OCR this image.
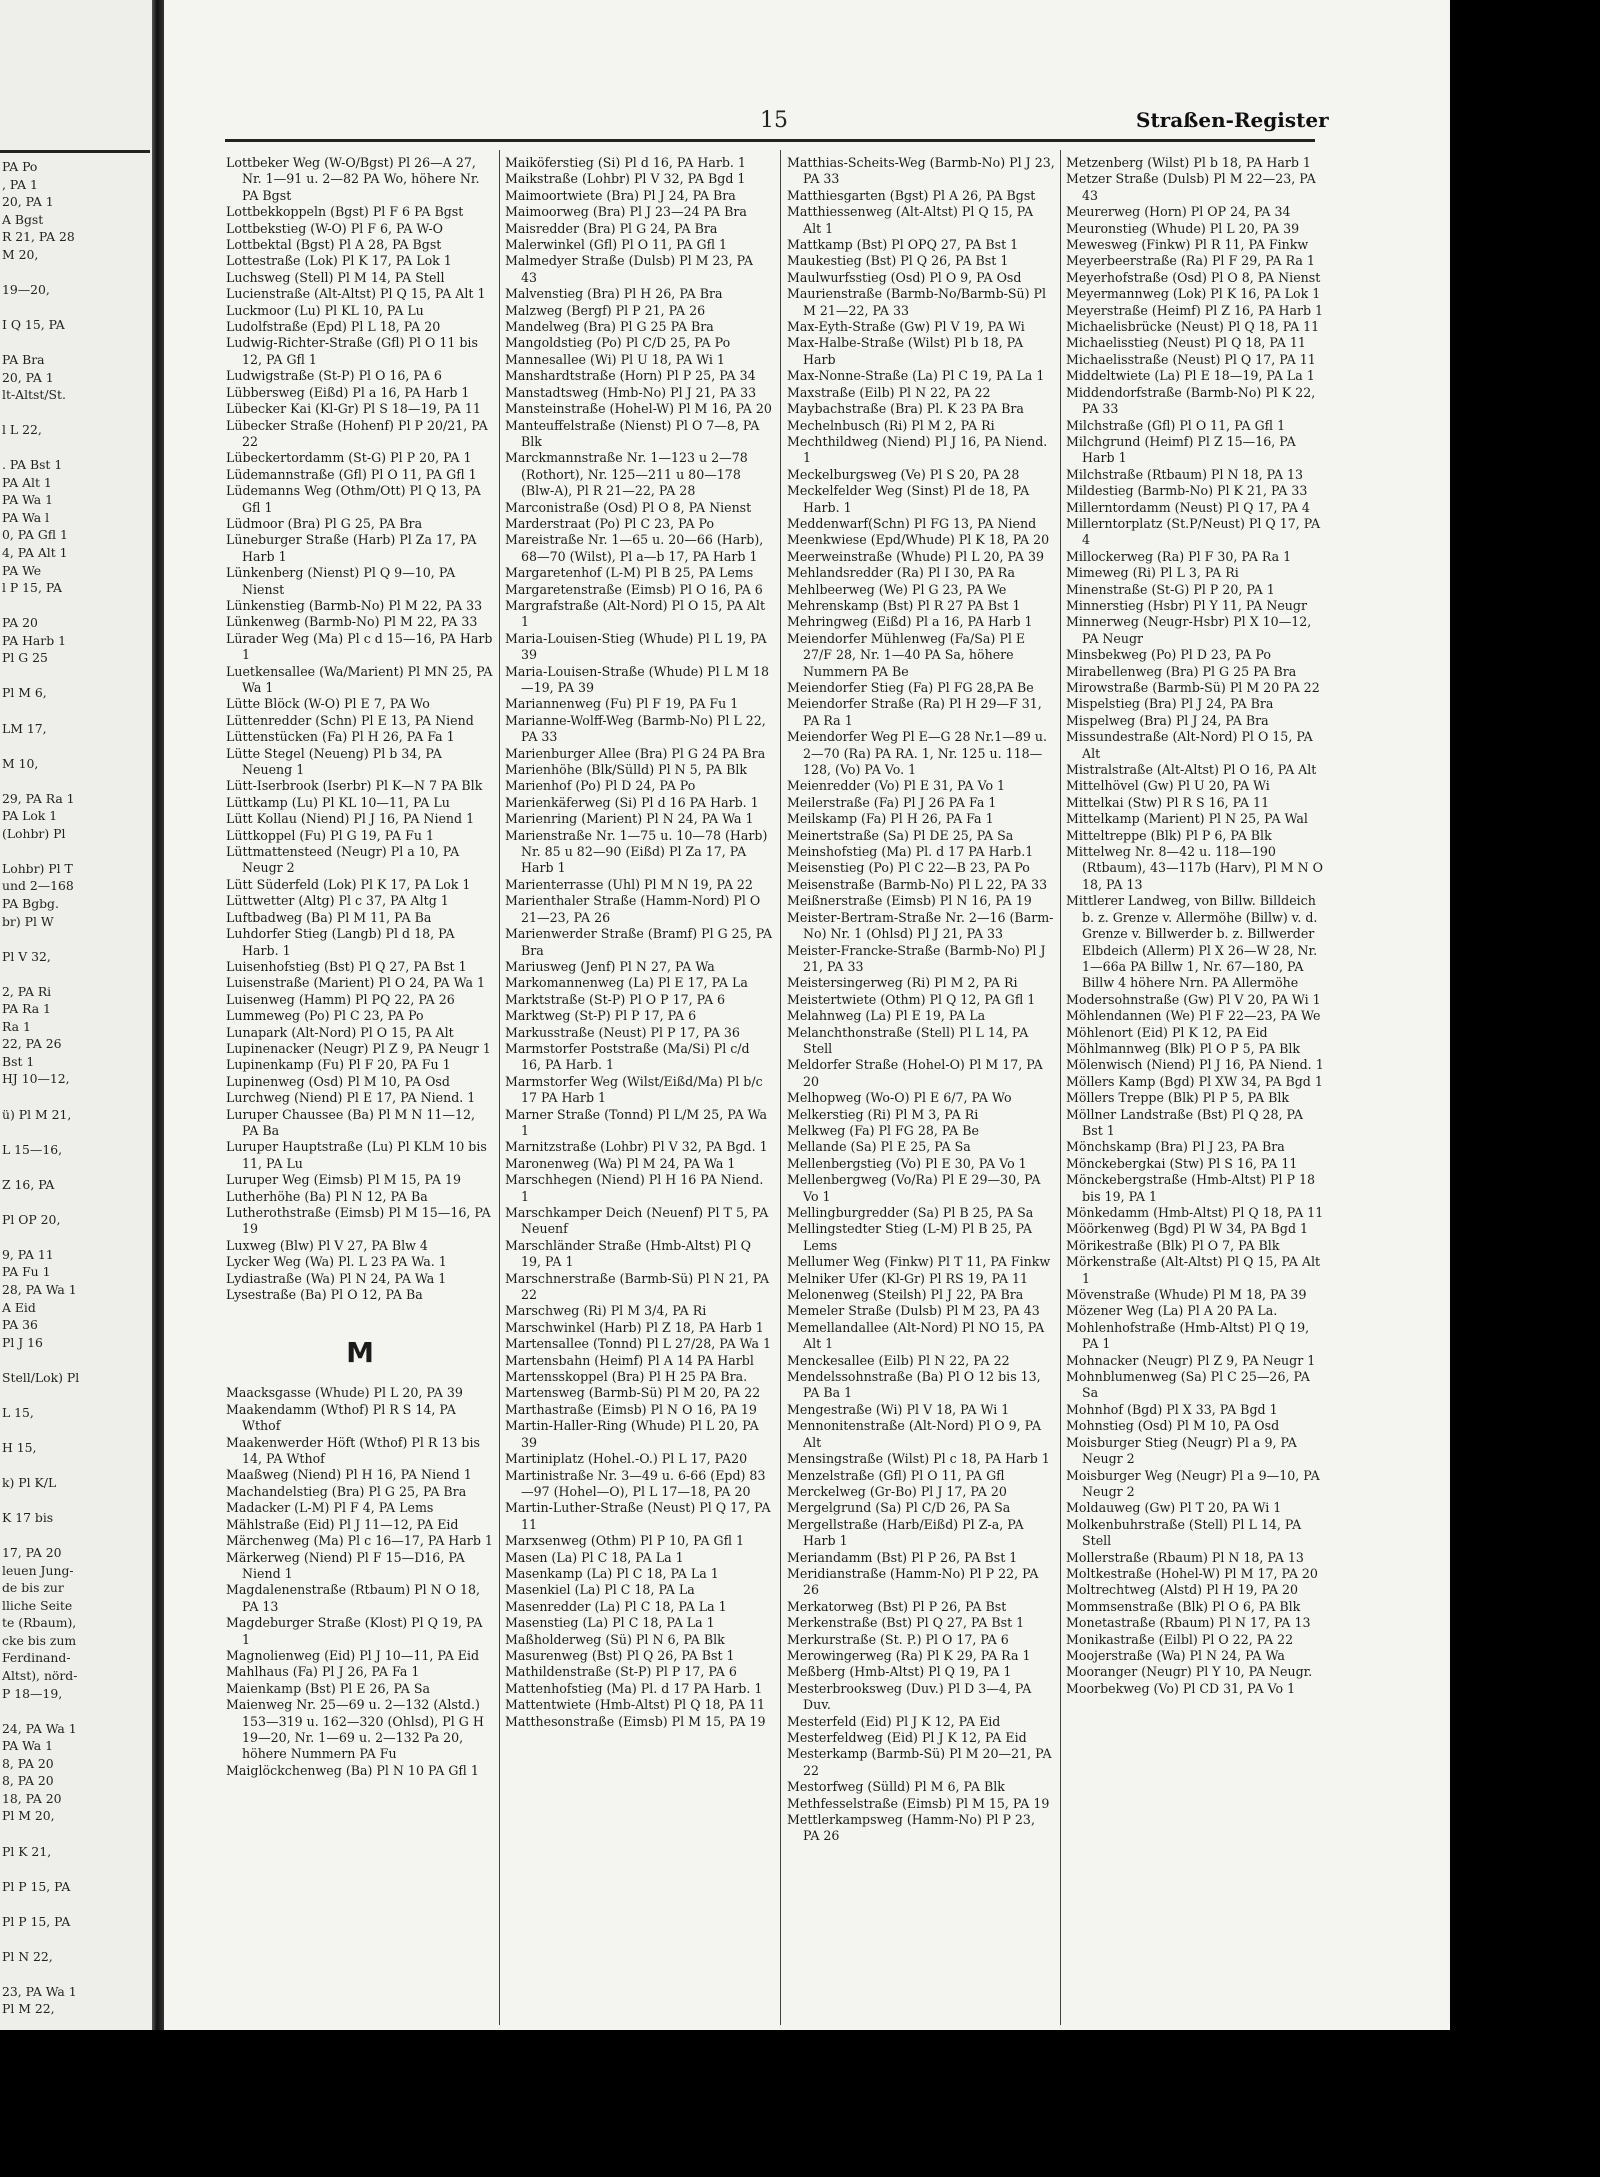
PA Po
, PA 1
20, PA 1
A Bgst
R 21, PA 28
M 20,

19—20,

I Q 15, PA

PA Bra
20, PA 1
lt-Altst/St.

l L 22,

. PA Bst 1
PA Alt 1
PA Wa 1
PA Wa l
0, PA Gfl 1
4, PA Alt 1
PA We
l P 15, PA

PA 20
PA Harb 1
Pl G 25

Pl M 6,

LM 17,

M 10,

29, PA Ra 1
PA Lok 1
(Lohbr) Pl

Lohbr) Pl T
und 2—168
PA Bgbg.
br) Pl W

Pl V 32,

2, PA Ri
PA Ra 1
Ra 1
22, PA 26
Bst 1
HJ 10—12,

ü) Pl M 21,

L 15—16,

Z 16, PA

Pl OP 20,

9, PA 11
PA Fu 1
28, PA Wa 1
A Eid
PA 36
Pl J 16

Stell/Lok) Pl

L 15,

H 15,

k) Pl K/L

K 17 bis

17, PA 20
leuen Jung-
de bis zur
lliche Seite
te (Rbaum),
cke bis zum
Ferdinand-
Altst), nörd-
P 18—19,

24, PA Wa 1
PA Wa 1
8, PA 20
8, PA 20
18, PA 20
Pl M 20,

Pl K 21,

Pl P 15, PA

Pl P 15, PA

Pl N 22,

23, PA Wa 1
Pl M 22,

15	Straßen-Register

Lottbeker Weg (W-O/Bgst) Pl 26—A 27, Nr. 1—91 u. 2—82 PA Wo, höhere Nr. PA Bgst

Lottbekkoppeln (Bgst) Pl F 6 PA Bgst

Lottbekstieg (W-O) Pl F 6, PA W-O

Lottbektal (Bgst) Pl A 28, PA Bgst

Lottestraße (Lok) Pl K 17, PA Lok 1

Luchsweg (Stell) Pl M 14, PA Stell

Lucienstraße (Alt-Altst) Pl Q 15, PA Alt 1

Luckmoor (Lu) Pl KL 10, PA Lu

Ludolfstraße (Epd) Pl L 18, PA 20

Ludwig-Richter-Straße (Gfl) Pl O 11 bis 12, PA Gfl 1

Ludwigstraße (St-P) Pl O 16, PA 6

Lübbersweg (Eißd) Pl a 16, PA Harb 1

Lübecker Kai (Kl-Gr) Pl S 18—19, PA 11

Lübecker Straße (Hohenf) Pl P 20/21, PA 22

Lübeckertordamm (St-G) Pl P 20, PA 1

Lüdemannstraße (Gfl) Pl O 11, PA Gfl 1

Lüdemanns Weg (Othm/Ott) Pl Q 13, PA Gfl 1

Lüdmoor (Bra) Pl G 25, PA Bra

Lüneburger Straße (Harb) Pl Za 17, PA Harb 1

Lünkenberg (Nienst) Pl Q 9—10, PA Nienst

Lünkenstieg (Barmb-No) Pl M 22, PA 33

Lünkenweg (Barmb-No) Pl M 22, PA 33

Lürader Weg (Ma) Pl c d 15—16, PA Harb 1

Luetkensallee (Wa/Marient) Pl MN 25, PA Wa 1

Lütte Blöck (W-O) Pl E 7, PA Wo

Lüttenredder (Schn) Pl E 13, PA Niend

Lüttenstücken (Fa) Pl H 26, PA Fa 1

Lütte Stegel (Neueng) Pl b 34, PA Neueng 1

Lütt-Iserbrook (Iserbr) Pl K—N 7 PA Blk

Lüttkamp (Lu) Pl KL 10—11, PA Lu

Lütt Kollau (Niend) Pl J 16, PA Niend 1

Lüttkoppel (Fu) Pl G 19, PA Fu 1

Lüttmattensteed (Neugr) Pl a 10, PA Neugr 2

Lütt Süderfeld (Lok) Pl K 17, PA Lok 1

Lüttwetter (Altg) Pl c 37, PA Altg 1

Luftbadweg (Ba) Pl M 11, PA Ba

Luhdorfer Stieg (Langb) Pl d 18, PA Harb. 1

Luisenhofstieg (Bst) Pl Q 27, PA Bst 1

Luisenstraße (Marient) Pl O 24, PA Wa 1

Luisenweg (Hamm) Pl PQ 22, PA 26

Lummeweg (Po) Pl C 23, PA Po

Lunapark (Alt-Nord) Pl O 15, PA Alt

Lupinenacker (Neugr) Pl Z 9, PA Neugr 1

Lupinenkamp (Fu) Pl F 20, PA Fu 1

Lupinenweg (Osd) Pl M 10, PA Osd

Lurchweg (Niend) Pl E 17, PA Niend. 1

Luruper Chaussee (Ba) Pl M N 11—12, PA Ba

Luruper Hauptstraße (Lu) Pl KLM 10 bis 11, PA Lu

Luruper Weg (Eimsb) Pl M 15, PA 19

Lutherhöhe (Ba) Pl N 12, PA Ba

Lutherothstraße (Eimsb) Pl M 15—16, PA 19

Luxweg (Blw) Pl V 27, PA Blw 4

Lycker Weg (Wa) Pl. L 23 PA Wa. 1

Lydiastraße (Wa) Pl N 24, PA Wa 1

Lysestraße (Ba) Pl O 12, PA Ba

M

Maacksgasse (Whude) Pl L 20, PA 39

Maakendamm (Wthof) Pl R S 14, PA Wthof

Maakenwerder Höft (Wthof) Pl R 13 bis 14, PA Wthof

Maaßweg (Niend) Pl H 16, PA Niend 1

Machandelstieg (Bra) Pl G 25, PA Bra

Madacker (L-M) Pl F 4, PA Lems

Mählstraße (Eid) Pl J 11—12, PA Eid

Märchenweg (Ma) Pl c 16—17, PA Harb 1

Märkerweg (Niend) Pl F 15—D16, PA Niend 1

Magdalenenstraße (Rtbaum) Pl N O 18, PA 13

Magdeburger Straße (Klost) Pl Q 19, PA 1

Magnolienweg (Eid) Pl J 10—11, PA Eid

Mahlhaus (Fa) Pl J 26, PA Fa 1

Maienkamp (Bst) Pl E 26, PA Sa

Maienweg Nr. 25—69 u. 2—132 (Alstd.) 153—319 u. 162—320 (Ohlsd), Pl G H 19—20, Nr. 1—69 u. 2—132 Pa 20, höhere Nummern PA Fu

Maiglöckchenweg (Ba) Pl N 10 PA Gfl 1

Maiköferstieg (Si) Pl d 16, PA Harb. 1

Maikstraße (Lohbr) Pl V 32, PA Bgd 1

Maimoortwiete (Bra) Pl J 24, PA Bra

Maimoorweg (Bra) Pl J 23—24 PA Bra

Maisredder (Bra) Pl G 24, PA Bra

Malerwinkel (Gfl) Pl O 11, PA Gfl 1

Malmedyer Straße (Dulsb) Pl M 23, PA 43

Malvenstieg (Bra) Pl H 26, PA Bra

Malzweg (Bergf) Pl P 21, PA 26

Mandelweg (Bra) Pl G 25 PA Bra

Mangoldstieg (Po) Pl C/D 25, PA Po

Mannesallee (Wi) Pl U 18, PA Wi 1

Manshardtstraße (Horn) Pl P 25, PA 34

Manstadtsweg (Hmb-No) Pl J 21, PA 33

Mansteinstraße (Hohel-W) Pl M 16, PA 20

Manteuffelstraße (Nienst) Pl O 7—8, PA Blk

Marckmannstraße Nr. 1—123 u 2—78 (Rothort), Nr. 125—211 u 80—178 (Blw-A), Pl R 21—22, PA 28

Marconistraße (Osd) Pl O 8, PA Nienst

Marderstraat (Po) Pl C 23, PA Po

Mareistraße Nr. 1—65 u. 20—66 (Harb), 68—70 (Wilst), Pl a—b 17, PA Harb 1

Margaretenhof (L-M) Pl B 25, PA Lems

Margaretenstraße (Eimsb) Pl O 16, PA 6

Margrafstraße (Alt-Nord) Pl O 15, PA Alt 1

Maria-Louisen-Stieg (Whude) Pl L 19, PA 39

Maria-Louisen-Straße (Whude) Pl L M 18—19, PA 39

Mariannenweg (Fu) Pl F 19, PA Fu 1

Marianne-Wolff-Weg (Barmb-No) Pl L 22, PA 33

Marienburger Allee (Bra) Pl G 24 PA Bra

Marienhöhe (Blk/Sülld) Pl N 5, PA Blk

Marienhof (Po) Pl D 24, PA Po

Marienkäferweg (Si) Pl d 16 PA Harb. 1

Marienring (Marient) Pl N 24, PA Wa 1

Marienstraße Nr. 1—75 u. 10—78 (Harb) Nr. 85 u 82—90 (Eißd) Pl Za 17, PA Harb 1

Marienterrasse (Uhl) Pl M N 19, PA 22

Marienthaler Straße (Hamm-Nord) Pl O 21—23, PA 26

Marienwerder Straße (Bramf) Pl G 25, PA Bra

Mariusweg (Jenf) Pl N 27, PA Wa

Markomannenweg (La) Pl E 17, PA La

Marktstraße (St-P) Pl O P 17, PA 6

Marktweg (St-P) Pl P 17, PA 6

Markusstraße (Neust) Pl P 17, PA 36

Marmstorfer Poststraße (Ma/Si) Pl c/d 16, PA Harb. 1

Marmstorfer Weg (Wilst/Eißd/Ma) Pl b/c 17 PA Harb 1

Marner Straße (Tonnd) Pl L/M 25, PA Wa 1

Marnitzstraße (Lohbr) Pl V 32, PA Bgd. 1

Maronenweg (Wa) Pl M 24, PA Wa 1

Marschhegen (Niend) Pl H 16 PA Niend. 1

Marschkamper Deich (Neuenf) Pl T 5, PA Neuenf

Marschländer Straße (Hmb-Altst) Pl Q 19, PA 1

Marschnerstraße (Barmb-Sü) Pl N 21, PA 22

Marschweg (Ri) Pl M 3/4, PA Ri

Marschwinkel (Harb) Pl Z 18, PA Harb 1

Martensallee (Tonnd) Pl L 27/28, PA Wa 1

Martensbahn (Heimf) Pl A 14 PA Harbl

Martensskoppel (Bra) Pl H 25 PA Bra.

Martensweg (Barmb-Sü) Pl M 20, PA 22

Marthastraße (Eimsb) Pl N O 16, PA 19

Martin-Haller-Ring (Whude) Pl L 20, PA 39

Martiniplatz (Hohel.-O.) Pl L 17, PA20

Martinistraße Nr. 3—49 u. 6-66 (Epd) 83—97 (Hohel—O), Pl L 17—18, PA 20

Martin-Luther-Straße (Neust) Pl Q 17, PA 11

Marxsenweg (Othm) Pl P 10, PA Gfl 1

Masen (La) Pl C 18, PA La 1

Masenkamp (La) Pl C 18, PA La 1

Masenkiel (La) Pl C 18, PA La

Masenredder (La) Pl C 18, PA La 1

Masenstieg (La) Pl C 18, PA La 1

Maßholderweg (Sü) Pl N 6, PA Blk

Masurenweg (Bst) Pl Q 26, PA Bst 1

Mathildenstraße (St-P) Pl P 17, PA 6

Mattenhofstieg (Ma) Pl. d 17 PA Harb. 1

Mattentwiete (Hmb-Altst) Pl Q 18, PA 11

Matthesonstraße (Eimsb) Pl M 15, PA 19

Matthias-Scheits-Weg (Barmb-No) Pl J 23, PA 33

Matthiesgarten (Bgst) Pl A 26, PA Bgst

Matthiessenweg (Alt-Altst) Pl Q 15, PA Alt 1

Mattkamp (Bst) Pl OPQ 27, PA Bst 1

Maukestieg (Bst) Pl Q 26, PA Bst 1

Maulwurfsstieg (Osd) Pl O 9, PA Osd

Maurienstraße (Barmb-No/Barmb-Sü) Pl M 21—22, PA 33

Max-Eyth-Straße (Gw) Pl V 19, PA Wi

Max-Halbe-Straße (Wilst) Pl b 18, PA Harb

Max-Nonne-Straße (La) Pl C 19, PA La 1

Maxstraße (Eilb) Pl N 22, PA 22

Maybachstraße (Bra) Pl. K 23 PA Bra

Mechelnbusch (Ri) Pl M 2, PA Ri

Mechthildweg (Niend) Pl J 16, PA Niend. 1

Meckelburgsweg (Ve) Pl S 20, PA 28

Meckelfelder Weg (Sinst) Pl de 18, PA Harb. 1

Meddenwarf(Schn) Pl FG 13, PA Niend

Meenkwiese (Epd/Whude) Pl K 18, PA 20

Meerweinstraße (Whude) Pl L 20, PA 39

Mehlandsredder (Ra) Pl I 30, PA Ra

Mehlbeerweg (We) Pl G 23, PA We

Mehrenskamp (Bst) Pl R 27 PA Bst 1

Mehringweg (Eißd) Pl a 16, PA Harb 1

Meiendorfer Mühlenweg (Fa/Sa) Pl E 27/F 28, Nr. 1—40 PA Sa, höhere Nummern PA Be

Meiendorfer Stieg (Fa) Pl FG 28,PA Be

Meiendorfer Straße (Ra) Pl H 29—F 31, PA Ra 1

Meiendorfer Weg Pl E—G 28 Nr.1—89 u. 2—70 (Ra) PA RA. 1, Nr. 125 u. 118—128, (Vo) PA Vo. 1

Meienredder (Vo) Pl E 31, PA Vo 1

Meilerstraße (Fa) Pl J 26 PA Fa 1

Meilskamp (Fa) Pl H 26, PA Fa 1

Meinertstraße (Sa) Pl DE 25, PA Sa

Meinshofstieg (Ma) Pl. d 17 PA Harb.1

Meisenstieg (Po) Pl C 22—B 23, PA Po

Meisenstraße (Barmb-No) Pl L 22, PA 33

Meißnerstraße (Eimsb) Pl N 16, PA 19

Meister-Bertram-Straße Nr. 2—16 (Barm-No) Nr. 1 (Ohlsd) Pl J 21, PA 33

Meister-Francke-Straße (Barmb-No) Pl J 21, PA 33

Meistersingerweg (Ri) Pl M 2, PA Ri

Meistertwiete (Othm) Pl Q 12, PA Gfl 1

Melahnweg (La) Pl E 19, PA La

Melanchthonstraße (Stell) Pl L 14, PA Stell

Meldorfer Straße (Hohel-O) Pl M 17, PA 20

Melhopweg (Wo-O) Pl E 6/7, PA Wo

Melkerstieg (Ri) Pl M 3, PA Ri

Melkweg (Fa) Pl FG 28, PA Be

Mellande (Sa) Pl E 25, PA Sa

Mellenbergstieg (Vo) Pl E 30, PA Vo 1

Mellenbergweg (Vo/Ra) Pl E 29—30, PA Vo 1

Mellingburgredder (Sa) Pl B 25, PA Sa

Mellingstedter Stieg (L-M) Pl B 25, PA Lems

Mellumer Weg (Finkw) Pl T 11, PA Finkw

Melniker Ufer (Kl-Gr) Pl RS 19, PA 11

Melonenweg (Steilsh) Pl J 22, PA Bra

Memeler Straße (Dulsb) Pl M 23, PA 43

Memellandallee (Alt-Nord) Pl NO 15, PA Alt 1

Menckesallee (Eilb) Pl N 22, PA 22

Mendelssohnstraße (Ba) Pl O 12 bis 13, PA Ba 1

Mengestraße (Wi) Pl V 18, PA Wi 1

Mennonitenstraße (Alt-Nord) Pl O 9, PA Alt

Mensingstraße (Wilst) Pl c 18, PA Harb 1

Menzelstraße (Gfl) Pl O 11, PA Gfl

Merckelweg (Gr-Bo) Pl J 17, PA 20

Mergelgrund (Sa) Pl C/D 26, PA Sa

Mergellstraße (Harb/Eißd) Pl Z-a, PA Harb 1

Meriandamm (Bst) Pl P 26, PA Bst 1

Meridianstraße (Hamm-No) Pl P 22, PA 26

Merkatorweg (Bst) Pl P 26, PA Bst

Merkenstraße (Bst) Pl Q 27, PA Bst 1

Merkurstraße (St. P.) Pl O 17, PA 6

Merowingerweg (Ra) Pl K 29, PA Ra 1

Meßberg (Hmb-Altst) Pl Q 19, PA 1

Mesterbrooksweg (Duv.) Pl D 3—4, PA Duv.

Mesterfeld (Eid) Pl J K 12, PA Eid

Mesterfeldweg (Eid) Pl J K 12, PA Eid

Mesterkamp (Barmb-Sü) Pl M 20—21, PA 22

Mestorfweg (Sülld) Pl M 6, PA Blk

Methfesselstraße (Eimsb) Pl M 15, PA 19

Mettlerkampsweg (Hamm-No) Pl P 23, PA 26

Metzenberg (Wilst) Pl b 18, PA Harb 1

Metzer Straße (Dulsb) Pl M 22—23, PA 43

Meurerweg (Horn) Pl OP 24, PA 34

Meuronstieg (Whude) Pl L 20, PA 39

Mewesweg (Finkw) Pl R 11, PA Finkw

Meyerbeerstraße (Ra) Pl F 29, PA Ra 1

Meyerhofstraße (Osd) Pl O 8, PA Nienst

Meyermannweg (Lok) Pl K 16, PA Lok 1

Meyerstraße (Heimf) Pl Z 16, PA Harb 1

Michaelisbrücke (Neust) Pl Q 18, PA 11

Michaelisstieg (Neust) Pl Q 18, PA 11

Michaelisstraße (Neust) Pl Q 17, PA 11

Middeltwiete (La) Pl E 18—19, PA La 1

Middendorfstraße (Barmb-No) Pl K 22, PA 33

Milchstraße (Gfl) Pl O 11, PA Gfl 1

Milchgrund (Heimf) Pl Z 15—16, PA Harb 1

Milchstraße (Rtbaum) Pl N 18, PA 13

Mildestieg (Barmb-No) Pl K 21, PA 33

Millerntordamm (Neust) Pl Q 17, PA 4

Millerntorplatz (St.P/Neust) Pl Q 17, PA 4

Millockerweg (Ra) Pl F 30, PA Ra 1

Mimeweg (Ri) Pl L 3, PA Ri

Minenstraße (St-G) Pl P 20, PA 1

Minnerstieg (Hsbr) Pl Y 11, PA Neugr

Minnerweg (Neugr-Hsbr) Pl X 10—12, PA Neugr

Minsbekweg (Po) Pl D 23, PA Po

Mirabellenweg (Bra) Pl G 25 PA Bra

Mirowstraße (Barmb-Sü) Pl M 20 PA 22

Mispelstieg (Bra) Pl J 24, PA Bra

Mispelweg (Bra) Pl J 24, PA Bra

Missundestraße (Alt-Nord) Pl O 15, PA Alt

Mistralstraße (Alt-Altst) Pl O 16, PA Alt

Mittelhövel (Gw) Pl U 20, PA Wi

Mittelkai (Stw) Pl R S 16, PA 11

Mittelkamp (Marient) Pl N 25, PA Wal

Mitteltreppe (Blk) Pl P 6, PA Blk

Mittelweg Nr. 8—42 u. 118—190 (Rtbaum), 43—117b (Harv), Pl M N O 18, PA 13

Mittlerer Landweg, von Billw. Billdeich b. z. Grenze v. Allermöhe (Billw) v. d. Grenze v. Billwerder b. z. Billwerder Elbdeich (Allerm) Pl X 26—W 28, Nr. 1—66a PA Billw 1, Nr. 67—180, PA Billw 4 höhere Nrn. PA Allermöhe

Modersohnstraße (Gw) Pl V 20, PA Wi 1

Möhlendannen (We) Pl F 22—23, PA We

Möhlenort (Eid) Pl K 12, PA Eid

Möhlmannweg (Blk) Pl O P 5, PA Blk

Mölenwisch (Niend) Pl J 16, PA Niend. 1

Möllers Kamp (Bgd) Pl XW 34, PA Bgd 1

Möllers Treppe (Blk) Pl P 5, PA Blk

Möllner Landstraße (Bst) Pl Q 28, PA Bst 1

Mönchskamp (Bra) Pl J 23, PA Bra

Mönckebergkai (Stw) Pl S 16, PA 11

Mönckebergstraße (Hmb-Altst) Pl P 18 bis 19, PA 1

Mönkedamm (Hmb-Altst) Pl Q 18, PA 11

Möörkenweg (Bgd) Pl W 34, PA Bgd 1

Mörikestraße (Blk) Pl O 7, PA Blk

Mörkenstraße (Alt-Altst) Pl Q 15, PA Alt 1

Mövenstraße (Whude) Pl M 18, PA 39

Mözener Weg (La) Pl A 20 PA La.

Mohlenhofstraße (Hmb-Altst) Pl Q 19, PA 1

Mohnacker (Neugr) Pl Z 9, PA Neugr 1

Mohnblumenweg (Sa) Pl C 25—26, PA Sa

Mohnhof (Bgd) Pl X 33, PA Bgd 1

Mohnstieg (Osd) Pl M 10, PA Osd

Moisburger Stieg (Neugr) Pl a 9, PA Neugr 2

Moisburger Weg (Neugr) Pl a 9—10, PA Neugr 2

Moldauweg (Gw) Pl T 20, PA Wi 1

Molkenbuhrstraße (Stell) Pl L 14, PA Stell

Mollerstraße (Rbaum) Pl N 18, PA 13

Moltkestraße (Hohel-W) Pl M 17, PA 20

Moltrechtweg (Alstd) Pl H 19, PA 20

Mommsenstraße (Blk) Pl O 6, PA Blk

Monetastraße (Rbaum) Pl N 17, PA 13

Monikastraße (Eilbl) Pl O 22, PA 22

Moojerstraße (Wa) Pl N 24, PA Wa

Mooranger (Neugr) Pl Y 10, PA Neugr.

Moorbekweg (Vo) Pl CD 31, PA Vo 1
